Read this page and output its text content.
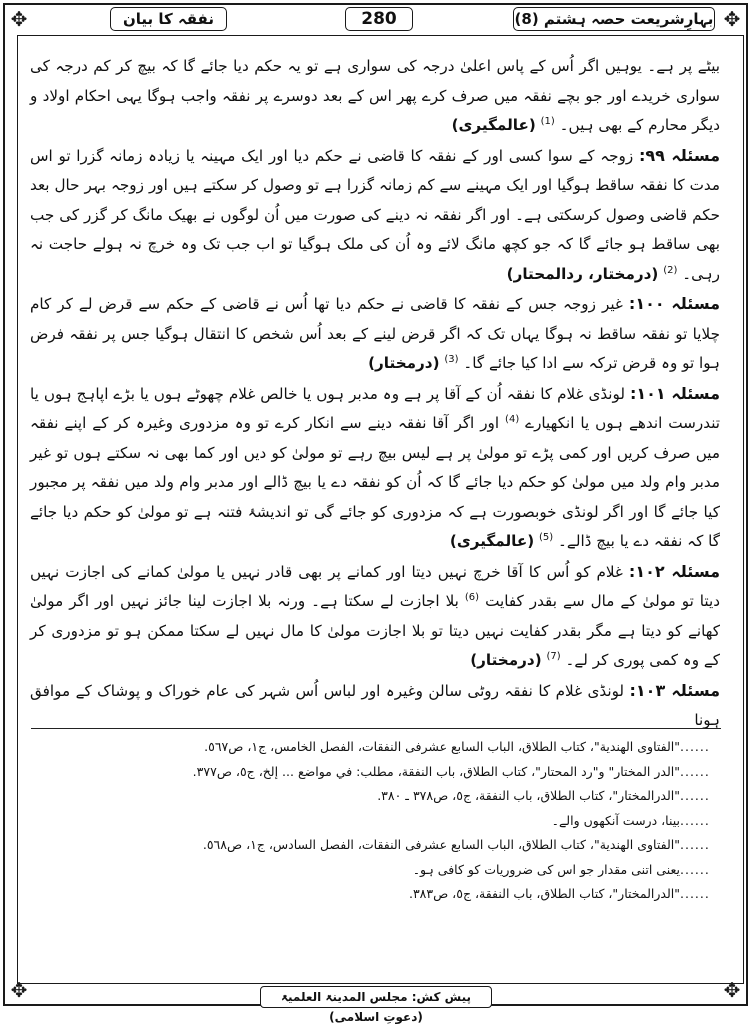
✥	✥
✥	✥
بہارِشریعت حصہ ہشتم (8)
280
نفقہ کا بیان

بیٹے پر ہے۔ یوہیں اگر اُس کے پاس اعلیٰ درجہ کی سواری ہے تو یہ حکم دیا جائے گا کہ بیچ کر کم درجہ کی سواری خریدے اور جو بچے نفقہ میں صرف کرے پھر اس کے بعد دوسرے پر نفقہ واجب ہوگا یہی احکام اولاد و دیگر محارم کے بھی ہیں۔ $^{(1)}$ (عالمگیری)

مسئلہ ۹۹: زوجہ کے سوا کسی اور کے نفقہ کا قاضی نے حکم دیا اور ایک مہینہ یا زیادہ زمانہ گزرا تو اس مدت کا نفقہ ساقط ہوگیا اور ایک مہینے سے کم زمانہ گزرا ہے تو وصول کر سکتے ہیں اور زوجہ بہر حال بعد حکم قاضی وصول کرسکتی ہے۔ اور اگر نفقہ نہ دینے کی صورت میں اُن لوگوں نے بھیک مانگ کر گزر کی جب بھی ساقط ہو جائے گا کہ جو کچھ مانگ لائے وہ اُن کی ملک ہوگیا تو اب جب تک وہ خرچ نہ ہولے حاجت نہ رہی۔ $^{(2)}$ (درمختار، ردالمحتار)

مسئلہ ۱۰۰: غیر زوجہ جس کے نفقہ کا قاضی نے حکم دیا تھا اُس نے قاضی کے حکم سے قرض لے کر کام چلایا تو نفقہ ساقط نہ ہوگا یہاں تک کہ اگر قرض لینے کے بعد اُس شخص کا انتقال ہوگیا جس پر نفقہ فرض ہوا تو وہ قرض ترکہ سے ادا کیا جائے گا۔ $^{(3)}$ (درمختار)

مسئلہ ۱۰۱: لونڈی غلام کا نفقہ اُن کے آقا پر ہے وہ مدبر ہوں یا خالص غلام چھوٹے ہوں یا بڑے اپاہج ہوں یا تندرست اندھے ہوں یا انکھیارے $^{(4)}$ اور اگر آقا نفقہ دینے سے انکار کرے تو وہ مزدوری وغیرہ کر کے اپنے نفقہ میں صرف کریں اور کمی پڑے تو مولیٰ پر ہے لیس بیچ رہے تو مولیٰ کو دیں اور کما بھی نہ سکتے ہوں تو غیر مدبر وام ولد میں مولیٰ کو حکم دیا جائے گا کہ اُن کو نفقہ دے یا بیچ ڈالے اور مدبر وام ولد میں نفقہ پر مجبور کیا جائے گا اور اگر لونڈی خوبصورت ہے کہ مزدوری کو جائے گی تو اندیشۂ فتنہ ہے تو مولیٰ کو حکم دیا جائے گا کہ نفقہ دے یا بیچ ڈالے۔ $^{(5)}$ (عالمگیری)

مسئلہ ۱۰۲: غلام کو اُس کا آقا خرچ نہیں دیتا اور کمانے پر بھی قادر نہیں یا مولیٰ کمانے کی اجازت نہیں دیتا تو مولیٰ کے مال سے بقدر کفایت $^{(6)}$ بلا اجازت لے سکتا ہے۔ ورنہ بلا اجازت لینا جائز نہیں اور اگر مولیٰ کھانے کو دیتا ہے مگر بقدر کفایت نہیں دیتا تو بلا اجازت مولیٰ کا مال نہیں لے سکتا ممکن ہو تو مزدوری کر کے وہ کمی پوری کر لے۔ $^{(7)}$ (درمختار)

مسئلہ ۱۰۳: لونڈی غلام کا نفقہ روٹی سالن وغیرہ اور لباس اُس شہر کی عام خوراک و پوشاک کے موافق ہونا

......"الفتاوی الهندية"، كتاب الطلاق، الباب السابع عشرفی النفقات، الفصل الخامس، ج١، ص٥٦٧.
......"الدر المختار" و"رد المحتار"، كتاب الطلاق، باب النفقة، مطلب: في مواضع ... إلخ، ج٥، ص٣٧٧.
......"الدرالمختار"، كتاب الطلاق، باب النفقة، ج٥، ص٣٧٨ ـ ٣٨٠.
......بینا، درست آنکھوں والے۔
......"الفتاوی الهندية"، كتاب الطلاق، الباب السابع عشرفی النفقات، الفصل السادس، ج١، ص٥٦٨.
......یعنی اتنی مقدار جو اس کی ضروریات کو کافی ہو۔
......"الدرالمختار"، كتاب الطلاق، باب النفقة، ج٥، ص٣٨٣.
پیش کش: مجلس المدینۃ العلمیۃ (دعوتِ اسلامی)
